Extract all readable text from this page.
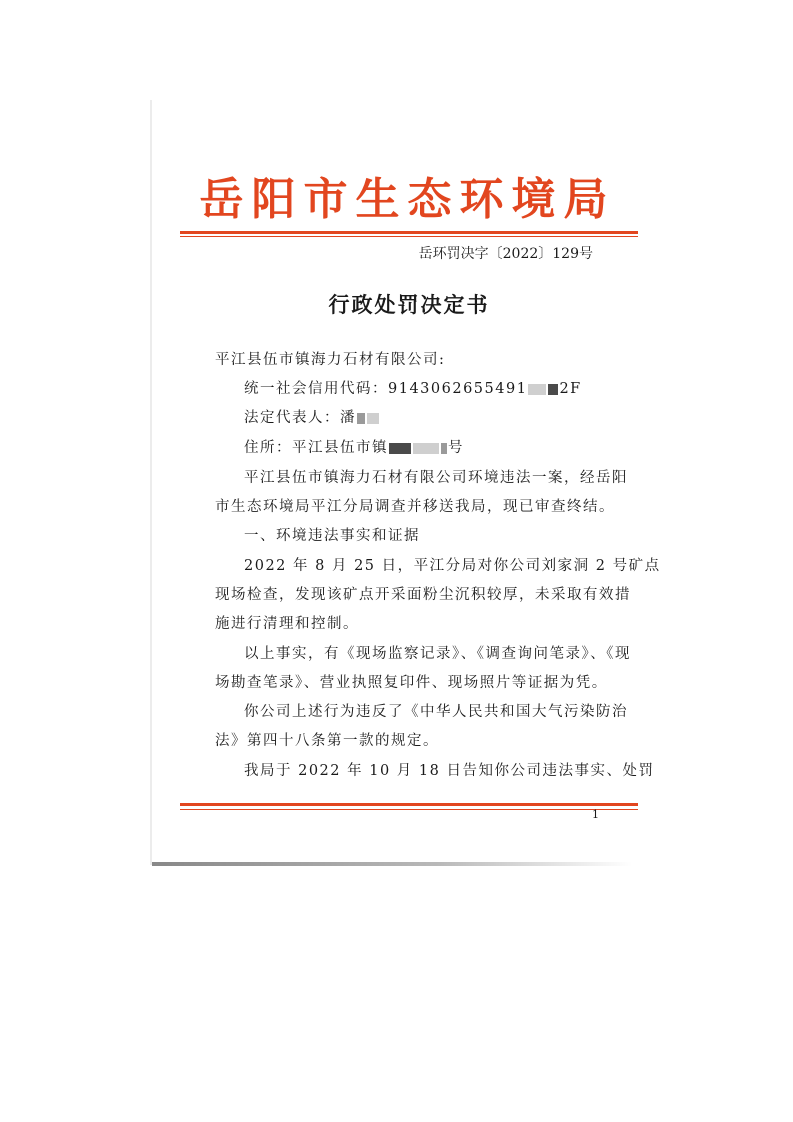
岳阳市生态环境局
岳环罚决字〔2022〕129号
行政处罚决定书
平江县伍市镇海力石材有限公司:
统一社会信用代码：9143062655491 2F
法定代表人：潘
住所：平江县伍市镇	号
平江县伍市镇海力石材有限公司环境违法一案，经岳阳
市生态环境局平江分局调查并移送我局，现已审查终结。
一、环境违法事实和证据
2022 年 8 月 25 日，平江分局对你公司刘家洞 2 号矿点
现场检查，发现该矿点开采面粉尘沉积较厚，未采取有效措
施进行清理和控制。
以上事实，有《现场监察记录》、《调查询问笔录》、《现
场勘查笔录》、营业执照复印件、现场照片等证据为凭。
你公司上述行为违反了《中华人民共和国大气污染防治
法》第四十八条第一款的规定。
我局于 2022 年 10 月 18 日告知你公司违法事实、处罚
1
